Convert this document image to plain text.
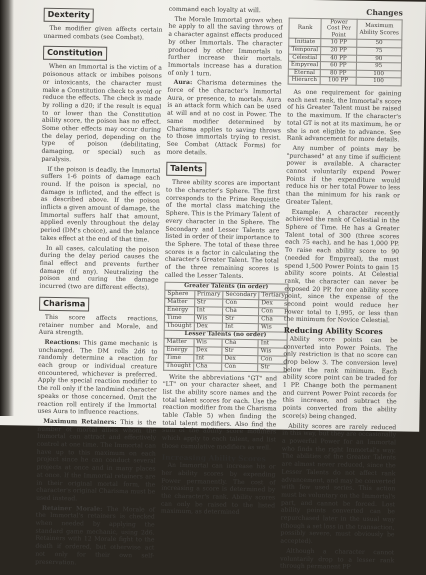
Dexterity

The modifier given affects certain unarmed combats (see Combat).

Constitution

When an Immortal is the victim of a poisonous attack or imbibes poisons or intoxicants, the character must make a Constitution check to avoid or reduce the effects. The check is made by rolling a d20; if the result is equal to or lower than the Constitution ability score, the poison has no effect. Some other effects may occur during the delay period, depending on the type of poison (debilitating, damaging, or special) such as paralysis.

If the poison is deadly, the Immortal suffers 1-6 points of damage each round. If the poison is special, no damage is inflicted, and the effect is as described above. If the poison inflicts a given amount of damage, the Immortal suffers half that amount, applied evenly throughout the delay period (DM's choice), and the balance takes effect at the end of that time.

In all cases, calculating the poison during the delay period causes the final effect and prevents further damage (if any). Neutralizing the poison and curing the damage incurred (two are different effects).

Charisma

This score affects reactions, retainer number and Morale, and Aura strength.

Reactions: This game mechanic is unchanged. The DM rolls 2d6 to randomly determine a reaction for each group or individual creature encountered, whichever is preferred. Apply the special reaction modifier to the roll only if the landmind character speaks or those concerned. Omit the reaction roll entirely if the Immortal uses Aura to influence reactions.

Maximum Retainers: This is the number of mortal allies whom the Immortal can attract and effectively control at one time. The Immortal can have up to this maximum on each project since he can conduct several projects at once and in many places at once. If the Immortal retainers are in their original mortal form, the character's original Charisma must be used instead.

Retainer Morale: The Morale of the Immortal's retainers is checked when needed by applying the standard game mechanic, using 2d6. Retainers with 12 Morale fight to the death if ordered, but otherwise act not only for their own self-preservation.

command each loyalty at will.

The Morale Immortal grows when he apply to all the saving throws of a character against effects produced by other Immortals. The character produced by other Immortals to further increase their mortals. Immortals increase has a duration of only 1 turn.

Aura: Charisma determines the force of the character's Immortal Aura, or presence, to mortals. Aura is an attack form which can be used at will and at no cost in Power. The same modifier determined by Charisma applies to saving throws to those immortals trying to resist. See Combat (Attack Forms) for more details.

Talents

Three ability scores are important to the character's Sphere. The first corresponds to the Prime Requisite of the mortal class matching the Sphere. This is the Primary Talent of every character in the Sphere. The Secondary and Lesser Talents are listed in order of their importance to the Sphere. The total of these three scores is a factor in calculating the character's Greater Talent. The total of the three remaining scores is called the Lesser Talents.

Greater Talents (in order)			
Sphere	Primary	Secondary	Tertiary
Matter	Str	Con	Dex
Energy	Int	Cha	Con
Time	Wis	Str	Cha
Thought	Dex	Int	Wis
Lesser Talents (no order)			
Matter	Wis	Cha	Int
Energy	Dex	Str	Wis
Time	Int	Dex	Con
Thought	Cha	Con	Str

Write the abbreviations "GT" and "LT" on your character sheet, and list the ability score names and the total talent scores for each. Use the reaction modifier from the Charisma table (Table 5) when finding the total talent modifiers. Also find the sum of the ability score modifiers which apply to each talent, and list those cumulative modifiers as well.

Increasing Ability Scores

An Immortal can increase his or her ability scores by expending Power permanently. The cost of increasing a score is determined by the character's rank. Ability scores can only be raised to the listed maximum, as determined

Changes
Rank	Power Cost Per Point	Maximum Ability Scores
Initiate	10 PP	50
Temporal	20 PP	75
Celestial	40 PP	90
Empyreal	60 PP	95
Eternal	80 PP	100
Hierarch	100 PP	100

As one requirement for gaining each next rank, the Immortal's score of his Greater Talent must be raised to the maximum. If the character's total GT is not at its maximum, he or she is not eligible to advance. See Rank advancement for more details.

Any number of points may be "purchased" at any time if sufficient power is available. A character cannot voluntarily expend Power Points if the expenditure would reduce his or her total Power to less than the minimum for his rank or Greater Talent.

Example: A character recently achieved the rank of Celestial in the Sphere of Time. He has a Greater Talent total of 300 (three scores each 75 each), and he has 1,000 PP. To raise each ability score to 90 (needed for Empyreal), the must spend 1,500 Power Points to gain 15 ability score points. At Celestial rank, the character can never be exposed 20 PP, for one ability score point, since the expense of the second point would reduce her Power total to 1,995, or less than the minimum for Novice Celestial.

Reducing Ability Scores

Ability score points can be converted into Power Points. The only restriction is that no score can drop below 3. The conversion level below the rank minimum. Each ability score point can be traded for 1 PP. Change both the permanent and current Power Point records for this increase, and subtract the points converted from the ability score(s) being changed.

Ability scores are rarely reduced in this way, but they are occasionally a powerful Power for an Immortal who finds the right Immortal's way. The abilities of the Greater Talents are almost never reduced, since the Lesser Talents do not affect rank advancement, and may be converted with few used series. This action must be voluntary on the Immortal's part, and cannot be forced. Lost ability points converted can be repurchased later in the usual way (though a set loss in the transaction, possibly severe, must obviously be accepted).

Although a character cannot voluntarily drop to a lesser rank through permanent PP
